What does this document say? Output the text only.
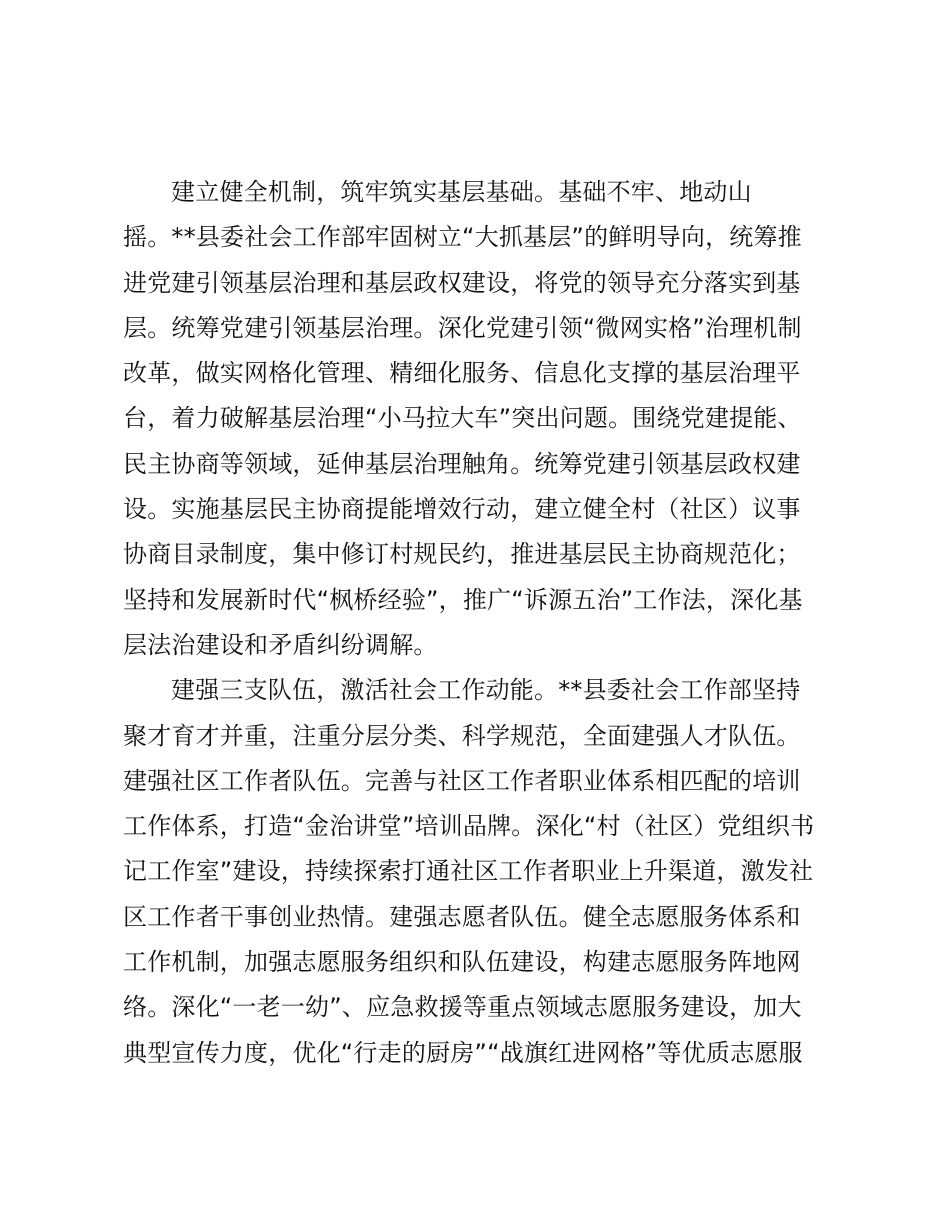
建立健全机制，筑牢筑实基层基础。基础不牢、地动山
摇。**县委社会工作部牢固树立“大抓基层”的鲜明导向，统筹推
进党建引领基层治理和基层政权建设，将党的领导充分落实到基
层。统筹党建引领基层治理。深化党建引领“微网实格”治理机制
改革，做实网格化管理、精细化服务、信息化支撑的基层治理平
台，着力破解基层治理“小马拉大车”突出问题。围绕党建提能、
民主协商等领域，延伸基层治理触角。统筹党建引领基层政权建
设。实施基层民主协商提能增效行动，建立健全村（社区）议事
协商目录制度，集中修订村规民约，推进基层民主协商规范化；
坚持和发展新时代“枫桥经验”，推广“诉源五治”工作法，深化基
层法治建设和矛盾纠纷调解。
建强三支队伍，激活社会工作动能。**县委社会工作部坚持
聚才育才并重，注重分层分类、科学规范，全面建强人才队伍。
建强社区工作者队伍。完善与社区工作者职业体系相匹配的培训
工作体系，打造“金治讲堂”培训品牌。深化“村（社区）党组织书
记工作室”建设，持续探索打通社区工作者职业上升渠道，激发社
区工作者干事创业热情。建强志愿者队伍。健全志愿服务体系和
工作机制，加强志愿服务组织和队伍建设，构建志愿服务阵地网
络。深化“一老一幼”、应急救援等重点领域志愿服务建设，加大
典型宣传力度，优化“行走的厨房”“战旗红进网格”等优质志愿服
